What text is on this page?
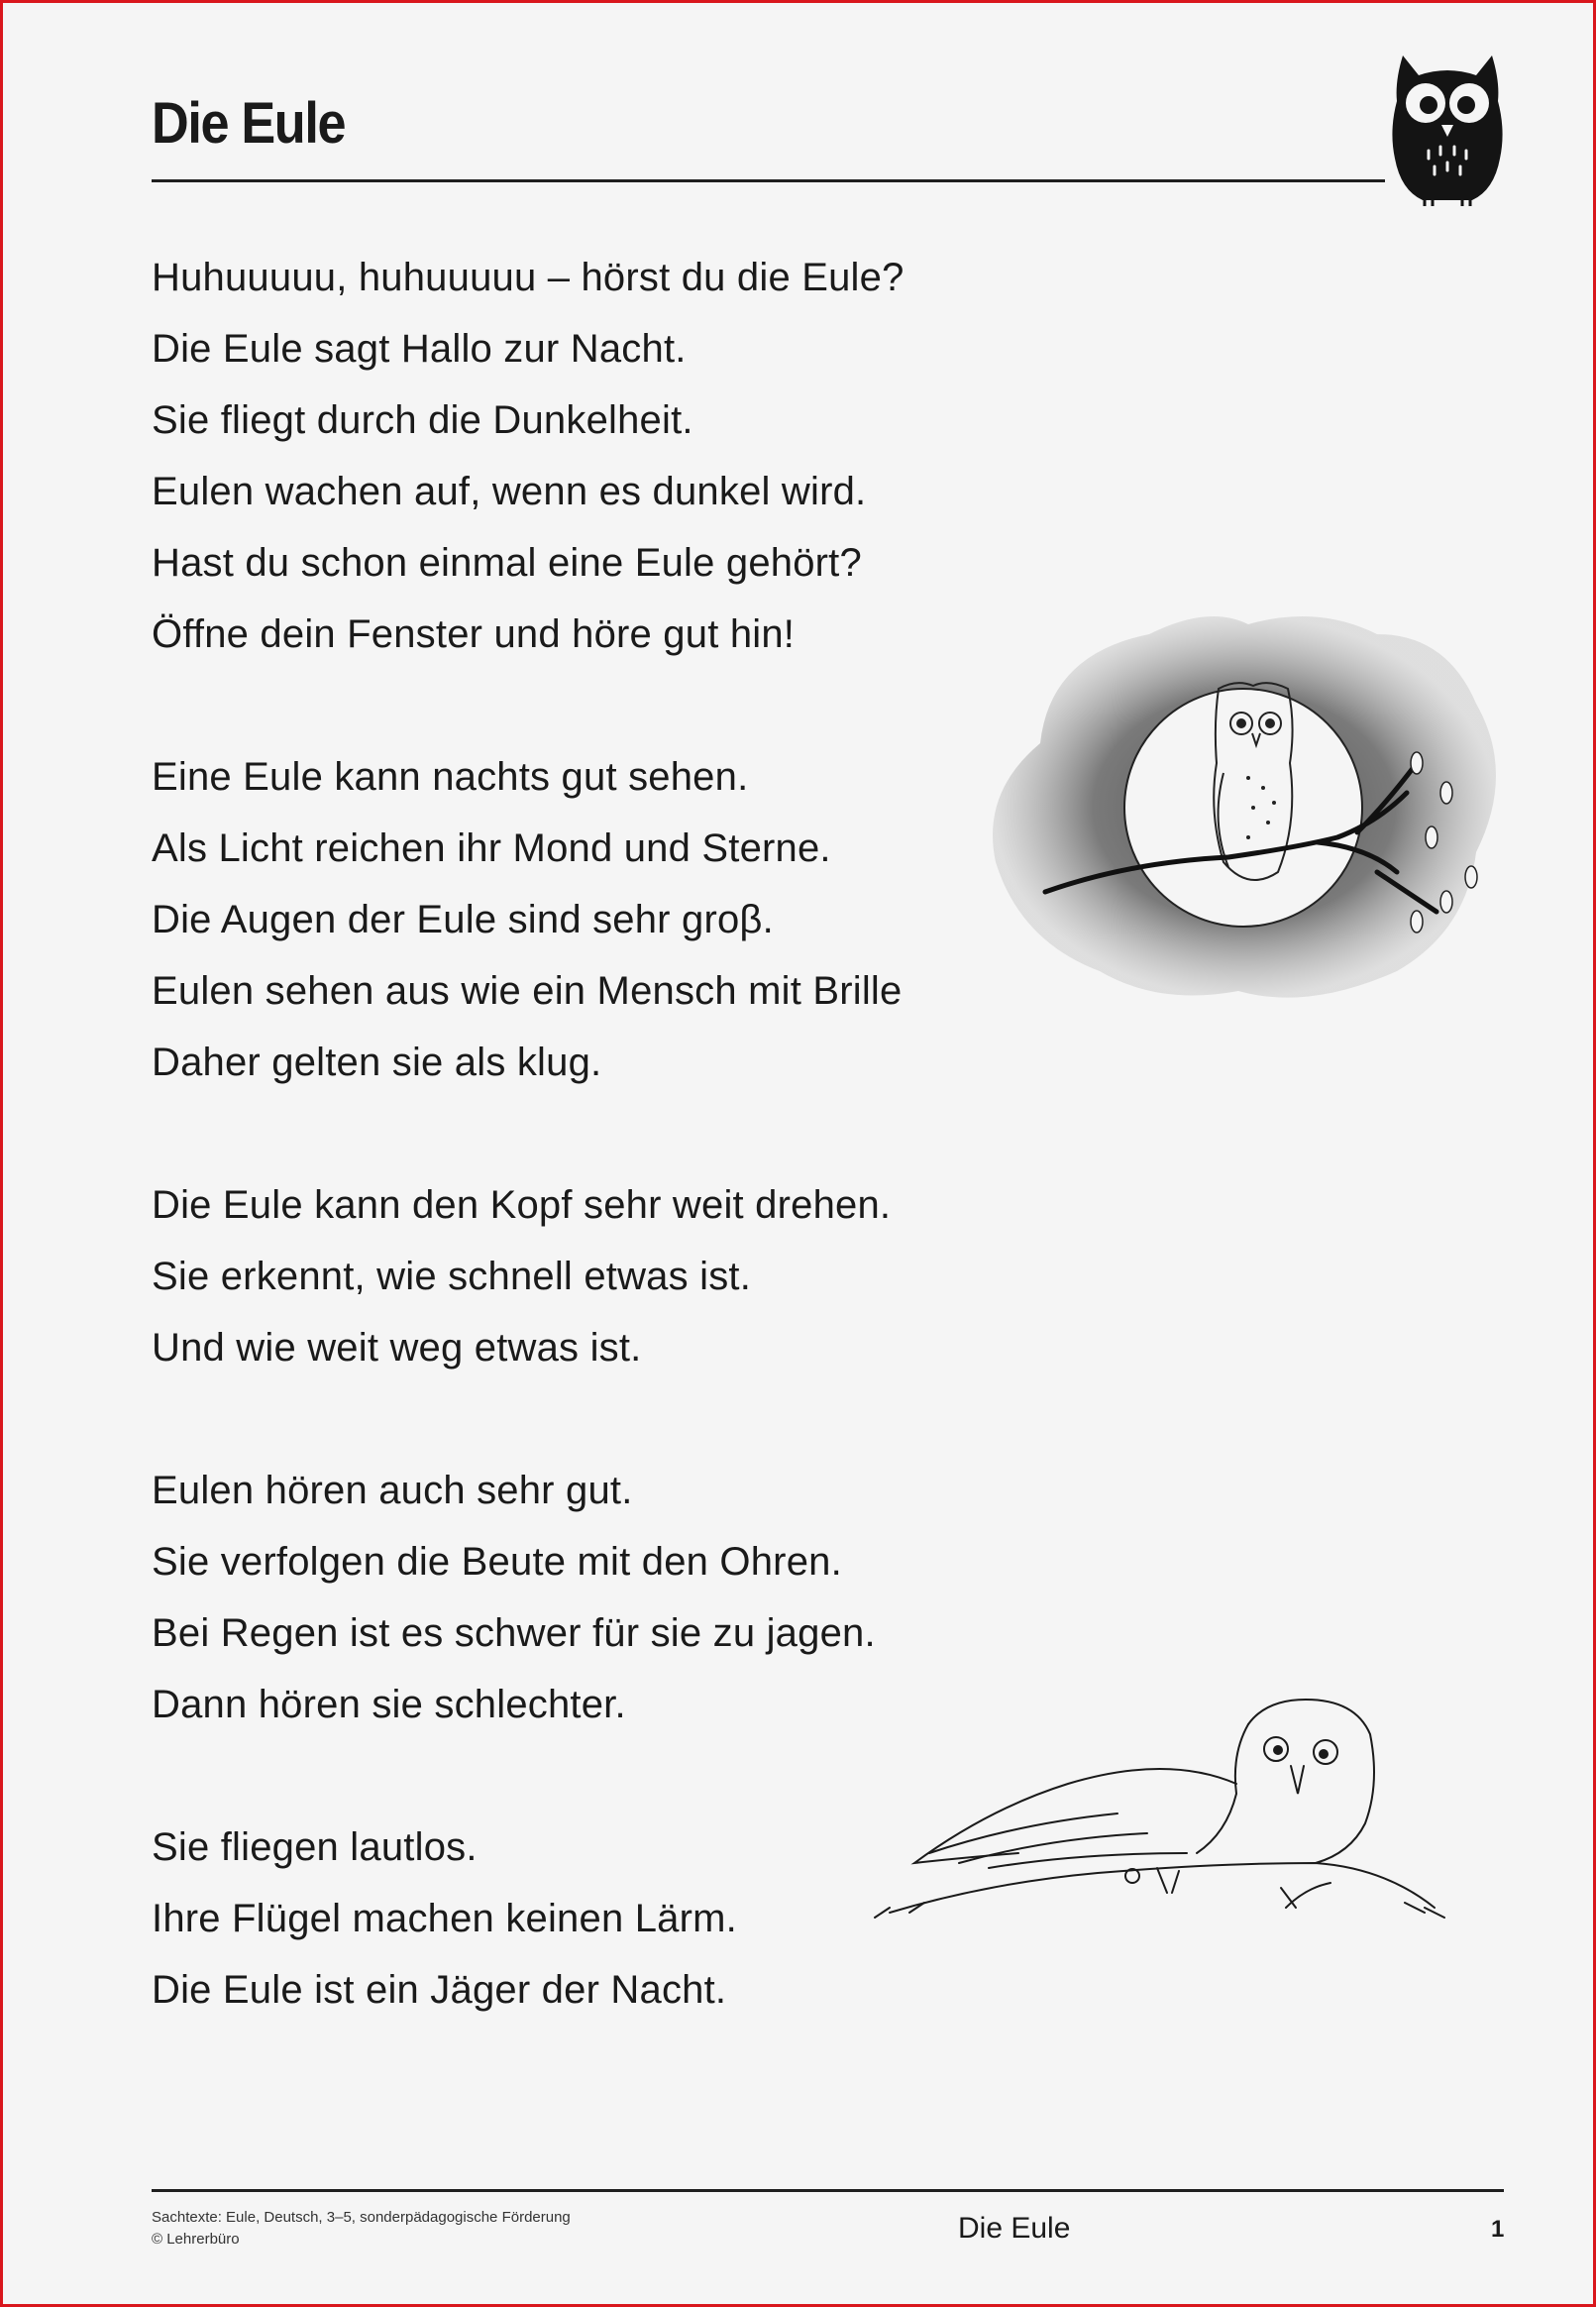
Die Eule
Huhuuuuu, huhuuuuu – hörst du die Eule?
Die Eule sagt Hallo zur Nacht.
Sie fliegt durch die Dunkelheit.
Eulen wachen auf, wenn es dunkel wird.
Hast du schon einmal eine Eule gehört?
Öffne dein Fenster und höre gut hin!
Eine Eule kann nachts gut sehen.
Als Licht reichen ihr Mond und Sterne.
Die Augen der Eule sind sehr groβ.
Eulen sehen aus wie ein Mensch mit Brille
Daher gelten sie als klug.
Die Eule kann den Kopf sehr weit drehen.
Sie erkennt, wie schnell etwas ist.
Und wie weit weg etwas ist.
Eulen hören auch sehr gut.
Sie verfolgen die Beute mit den Ohren.
Bei Regen ist es schwer für sie zu jagen.
Dann hören sie schlechter.
Sie fliegen lautlos.
Ihre Flügel machen keinen Lärm.
Die Eule ist ein Jäger der Nacht.
Sachtexte: Eule, Deutsch, 3–5, sonderpädagogische Förderung
© Lehrerbüro	Die Eule	1
